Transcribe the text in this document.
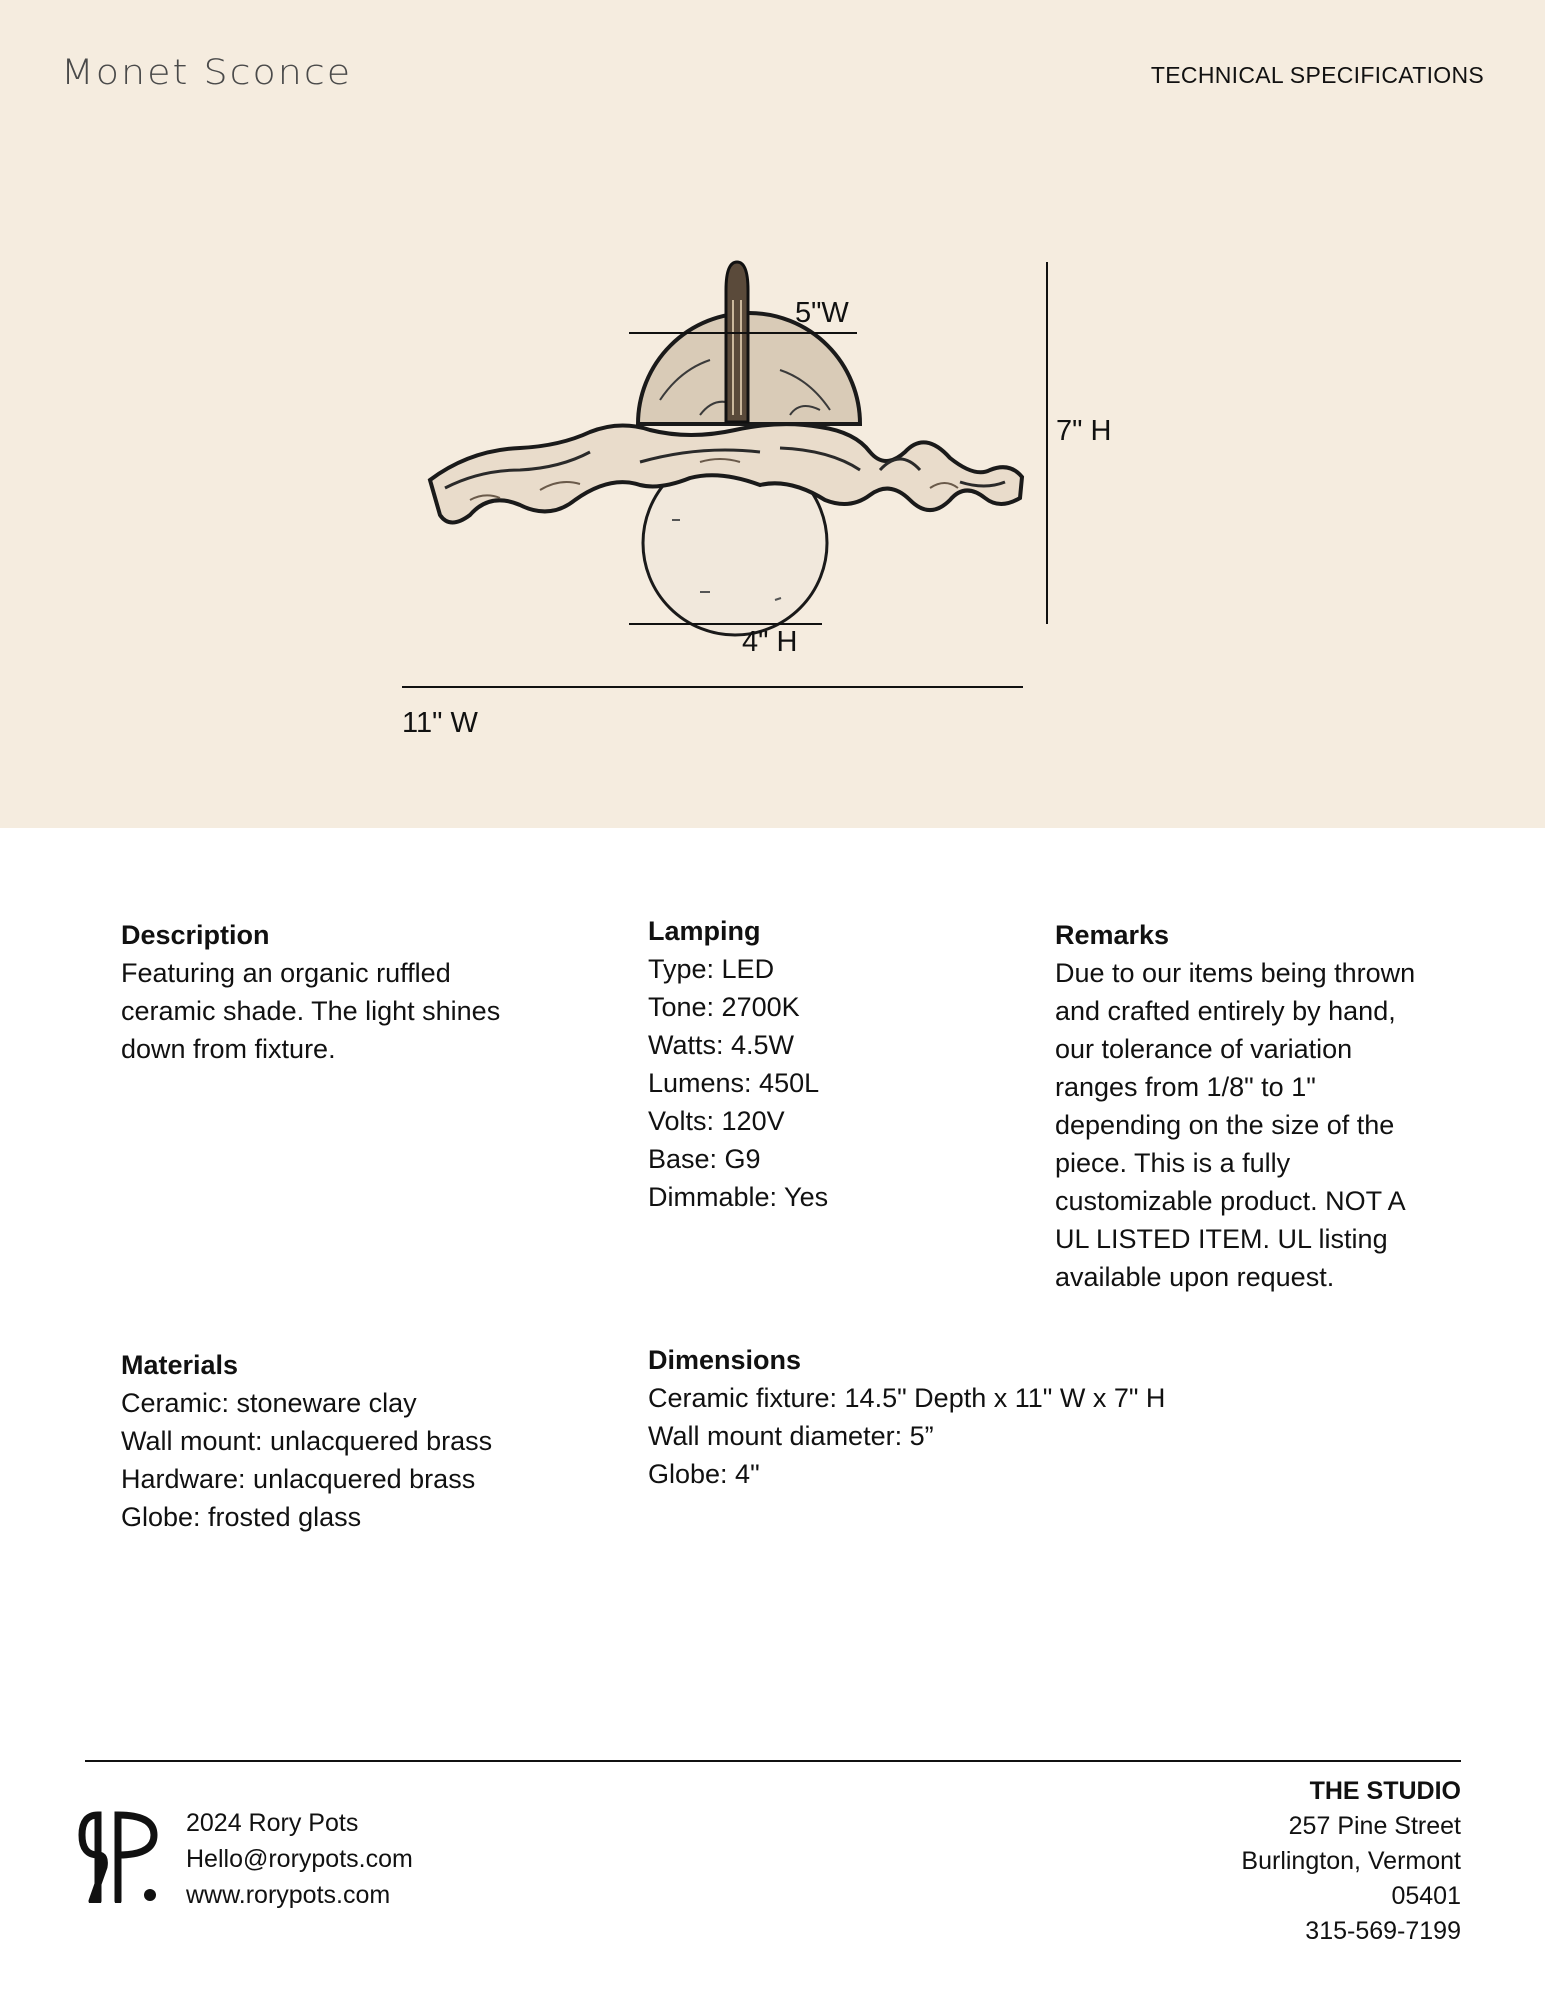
Monet Sconce	TECHNICAL SPECIFICATIONS
5"W
7" H
4" H
11" W
Description
Featuring an organic ruffled ceramic shade. The light shines down from fixture.
Lamping
Type: LED
Tone: 2700K
Watts: 4.5W
Lumens: 450L
Volts: 120V
Base: G9
Dimmable: Yes
Remarks
Due to our items being thrown and crafted entirely by hand, our tolerance of variation ranges from 1/8" to 1" depending on the size of the piece. This is a fully customizable product. NOT A UL LISTED ITEM. UL listing available upon request.
Materials
Ceramic: stoneware clay
Wall mount: unlacquered brass
Hardware: unlacquered brass
Globe: frosted glass
Dimensions
Ceramic fixture: 14.5" Depth x 11" W x 7" H
Wall mount diameter: 5”
Globe: 4"
2024 Rory Pots
Hello@rorypots.com
www.rorypots.com
THE STUDIO
257 Pine Street
Burlington, Vermont
05401
315-569-7199
